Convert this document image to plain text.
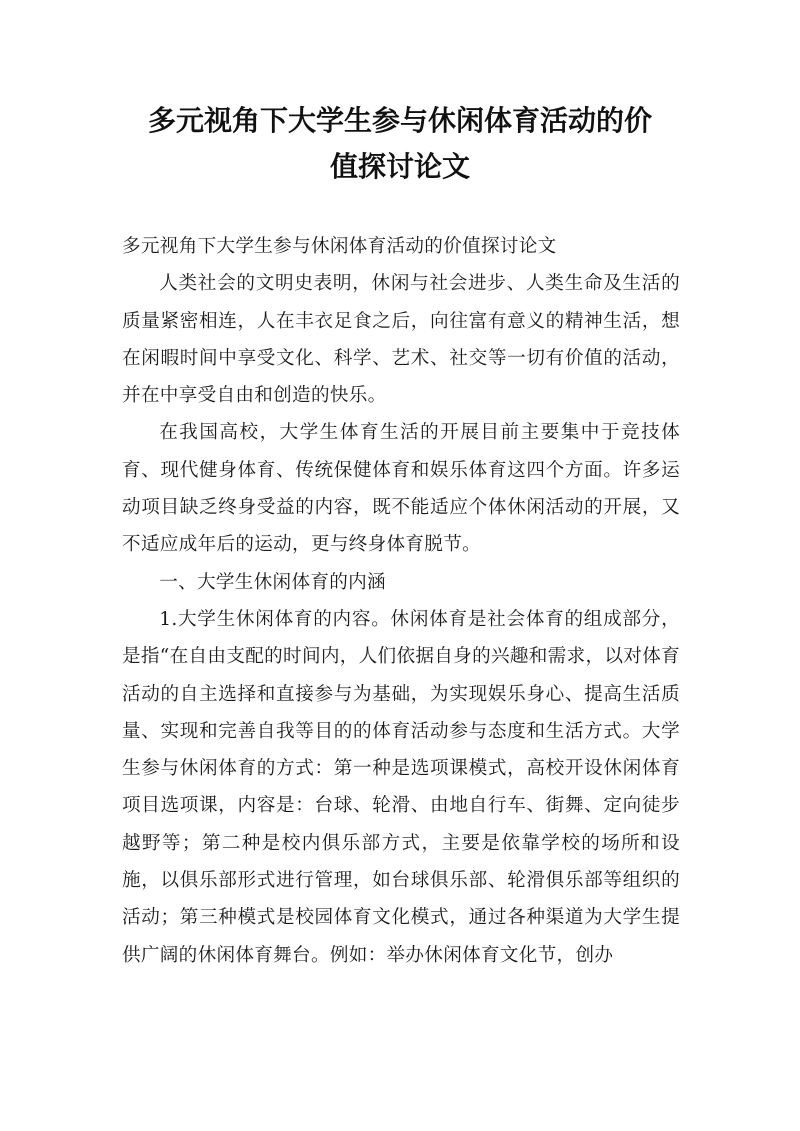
多元视角下大学生参与休闲体育活动的价
值探讨论文

多元视角下大学生参与休闲体育活动的价值探讨论文

人类社会的文明史表明，休闲与社会进步、人类生命及生活的质量紧密相连，人在丰衣足食之后，向往富有意义的精神生活，想在闲暇时间中享受文化、科学、艺术、社交等一切有价值的活动，并在中享受自由和创造的快乐。

在我国高校，大学生体育生活的开展目前主要集中于竞技体育、现代健身体育、传统保健体育和娱乐体育这四个方面。许多运动项目缺乏终身受益的内容，既不能适应个体休闲活动的开展，又不适应成年后的运动，更与终身体育脱节。

一、大学生休闲体育的内涵

1.大学生休闲体育的内容。休闲体育是社会体育的组成部分，是指“在自由支配的时间内，人们依据自身的兴趣和需求，以对体育活动的自主选择和直接参与为基础，为实现娱乐身心、提高生活质量、实现和完善自我等目的的体育活动参与态度和生活方式。大学生参与休闲体育的方式：第一种是选项课模式，高校开设休闲体育项目选项课，内容是：台球、轮滑、由地自行车、街舞、定向徒步越野等；第二种是校内俱乐部方式，主要是依靠学校的场所和设施，以俱乐部形式进行管理，如台球俱乐部、轮滑俱乐部等组织的活动；第三种模式是校园体育文化模式，通过各种渠道为大学生提供广阔的休闲体育舞台。例如：举办休闲体育文化节，创办
